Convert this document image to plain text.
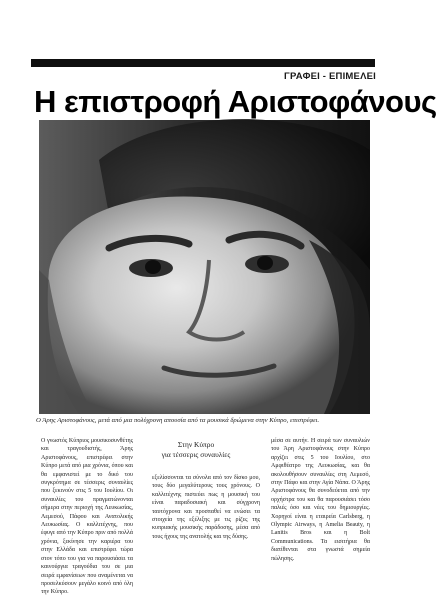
ΓΡΑΦΕΙ - ΕΠΙΜΕΛΕΙ
Η επιστροφή Αριστοφάνους
Ο Άρης Αριστοφάνους, μετά από μια πολύχρονη απουσία από τα μουσικά δρώμενα στην Κύπρο, επιστρέφει.
Ο γνωστός Κύπριος μουσικοσυνθέτης και τραγουδιστής, Άρης Αριστοφάνους, επιστρέφει στην Κύπρο μετά από μια χρόνια, όπου και θα εμφανιστεί με το δικό του συγκρότημα σε τέσσερις συναυλίες που ξεκινούν στις 5 του Ιουλίου. Οι συναυλίες του πραγματώνονται σήμερα στην περιοχή της Λευκωσίας, Λεμεσού, Πάφου και Ανατολικής Λευκωσίας. Ο καλλιτέχνης, που έφυγε από την Κύπρο πριν από πολλά χρόνια, ξεκίνησε την καριέρα του στην Ελλάδα και επιστρέφει τώρα στον τόπο του για να παρουσιάσει τα καινούργια τραγούδια του σε μια σειρά εμφανίσεων που αναμένεται να προσελκύσουν μεγάλο κοινό από όλη την Κύπρο.
Στην Κύπρο
για τέσσερις συναυλίες
εξελίσσονται τα σύνολα από τον δίσκο μου, τους δύο μεγαλύτερους τους χρόνους. Ο καλλιτέχνης πιστεύει πως η μουσική του είναι παραδοσιακή και σύγχρονη ταυτόχρονα και προσπαθεί να ενώσει τα στοιχεία της εξέλιξης με τις ρίζες της κυπριακής μουσικής παράδοσης, μέσα από τους ήχους της ανατολής και της δύσης.
μέσα σε αυτήν. Η σειρά των συναυλιών του Άρη Αριστοφάνους στην Κύπρο αρχίζει στις 5 του Ιουλίου, στο Αμφιθέατρο της Λευκωσίας, και θα ακολουθήσουν συναυλίες στη Λεμεσό, στην Πάφο και στην Αγία Νάπα. Ο Άρης Αριστοφάνους θα συνοδεύεται από την ορχήστρα του και θα παρουσιάσει τόσο παλιές όσο και νέες του δημιουργίες. Χορηγοί είναι η εταιρεία Carlsberg, η Olympic Airways, η Amelia Beauty, η Lanitis Bros και η Bolt Communications. Τα εισιτήρια θα διατίθενται στα γνωστά σημεία πώλησης.
